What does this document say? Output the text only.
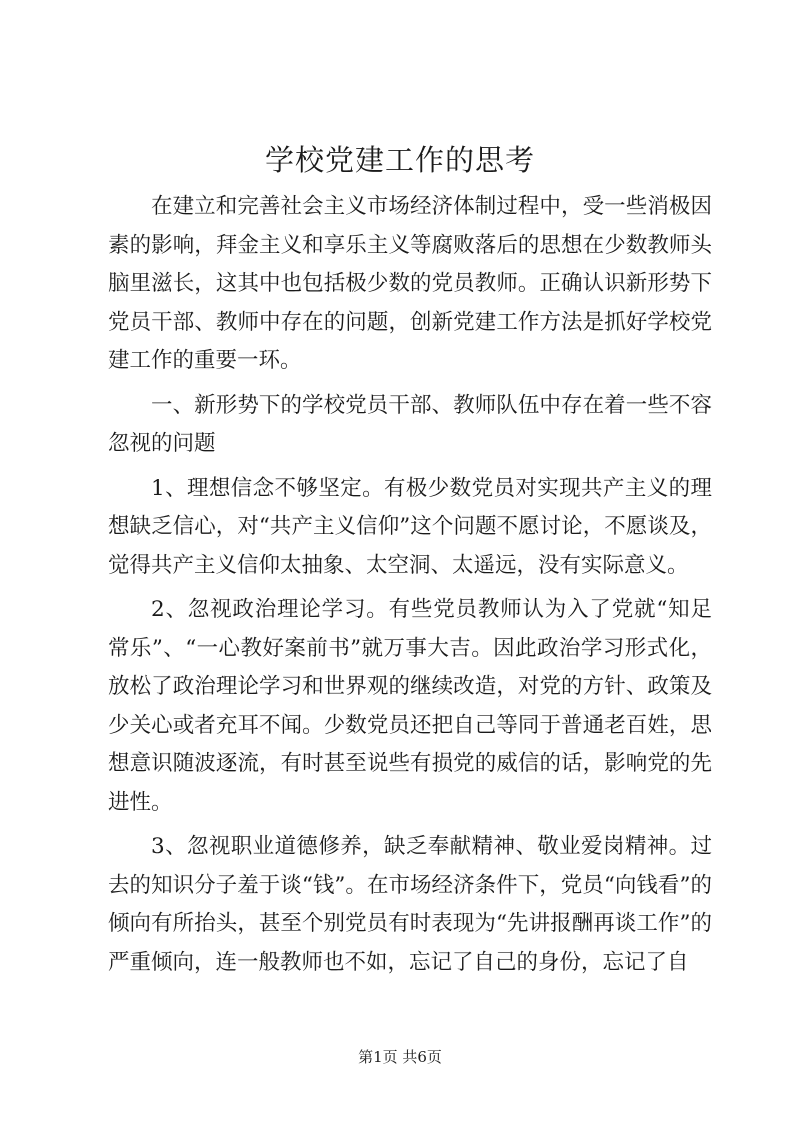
学校党建工作的思考

在建立和完善社会主义市场经济体制过程中，受一些消极因素的影响，拜金主义和享乐主义等腐败落后的思想在少数教师头脑里滋长，这其中也包括极少数的党员教师。正确认识新形势下党员干部、教师中存在的问题，创新党建工作方法是抓好学校党建工作的重要一环。

一、新形势下的学校党员干部、教师队伍中存在着一些不容忽视的问题

1、理想信念不够坚定。有极少数党员对实现共产主义的理想缺乏信心，对“共产主义信仰”这个问题不愿讨论，不愿谈及，觉得共产主义信仰太抽象、太空洞、太遥远，没有实际意义。

2、忽视政治理论学习。有些党员教师认为入了党就“知足常乐”、“一心教好案前书”就万事大吉。因此政治学习形式化，放松了政治理论学习和世界观的继续改造，对党的方针、政策及少关心或者充耳不闻。少数党员还把自己等同于普通老百姓，思想意识随波逐流，有时甚至说些有损党的威信的话，影响党的先进性。

3、忽视职业道德修养，缺乏奉献精神、敬业爱岗精神。过去的知识分子羞于谈“钱”。在市场经济条件下，党员“向钱看”的倾向有所抬头，甚至个别党员有时表现为“先讲报酬再谈工作”的严重倾向，连一般教师也不如，忘记了自己的身份，忘记了自

第1页 共6页
